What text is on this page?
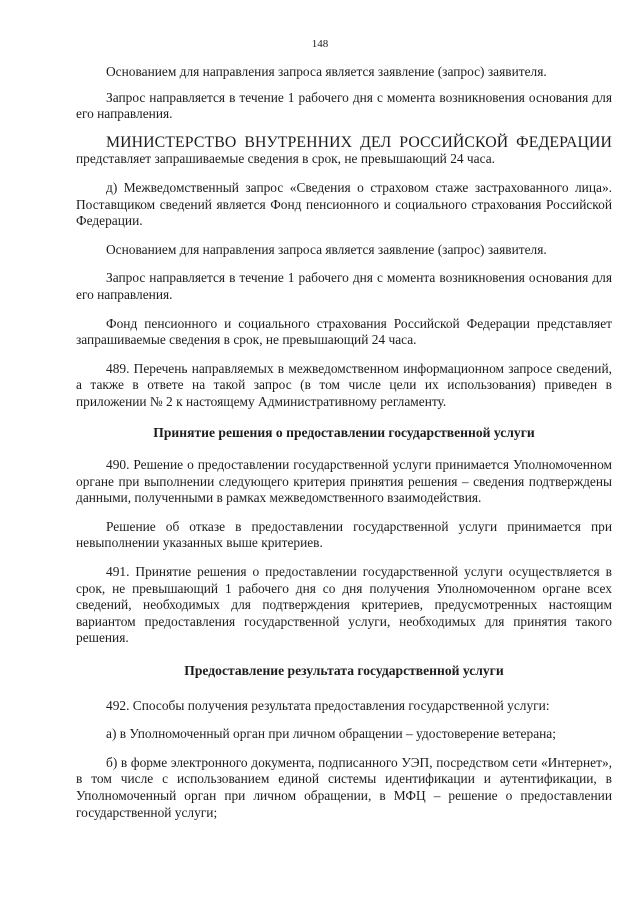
148

Основанием для направления запроса является заявление (запрос) заявителя.

Запрос направляется в течение 1 рабочего дня с момента возникновения основания для его направления.

МИНИСТЕРСТВО ВНУТРЕННИХ ДЕЛ РОССИЙСКОЙ ФЕДЕРАЦИИ представляет запрашиваемые сведения в срок, не превышающий 24 часа.

д) Межведомственный запрос «Сведения о страховом стаже застрахованного лица». Поставщиком сведений является Фонд пенсионного и социального страхования Российской Федерации.

Основанием для направления запроса является заявление (запрос) заявителя.

Запрос направляется в течение 1 рабочего дня с момента возникновения основания для его направления.

Фонд пенсионного и социального страхования Российской Федерации представляет запрашиваемые сведения в срок, не превышающий 24 часа.

489. Перечень направляемых в межведомственном информационном запросе сведений, а также в ответе на такой запрос (в том числе цели их использования) приведен в приложении № 2 к настоящему Административному регламенту.

Принятие решения о предоставлении государственной услуги

490. Решение о предоставлении государственной услуги принимается Уполномоченном органе при выполнении следующего критерия принятия решения – сведения подтверждены данными, полученными в рамках межведомственного взаимодействия.

Решение об отказе в предоставлении государственной услуги принимается при невыполнении указанных выше критериев.

491. Принятие решения о предоставлении государственной услуги осуществляется в срок, не превышающий 1 рабочего дня со дня получения Уполномоченном органе всех сведений, необходимых для подтверждения критериев, предусмотренных настоящим вариантом предоставления государственной услуги, необходимых для принятия такого решения.

Предоставление результата государственной услуги

492. Способы получения результата предоставления государственной услуги:

а) в Уполномоченный орган при личном обращении – удостоверение ветерана;

б) в форме электронного документа, подписанного УЭП, посредством сети «Интернет», в том числе с использованием единой системы идентификации и аутентификации, в Уполномоченный орган при личном обращении, в МФЦ – решение о предоставлении государственной услуги;
